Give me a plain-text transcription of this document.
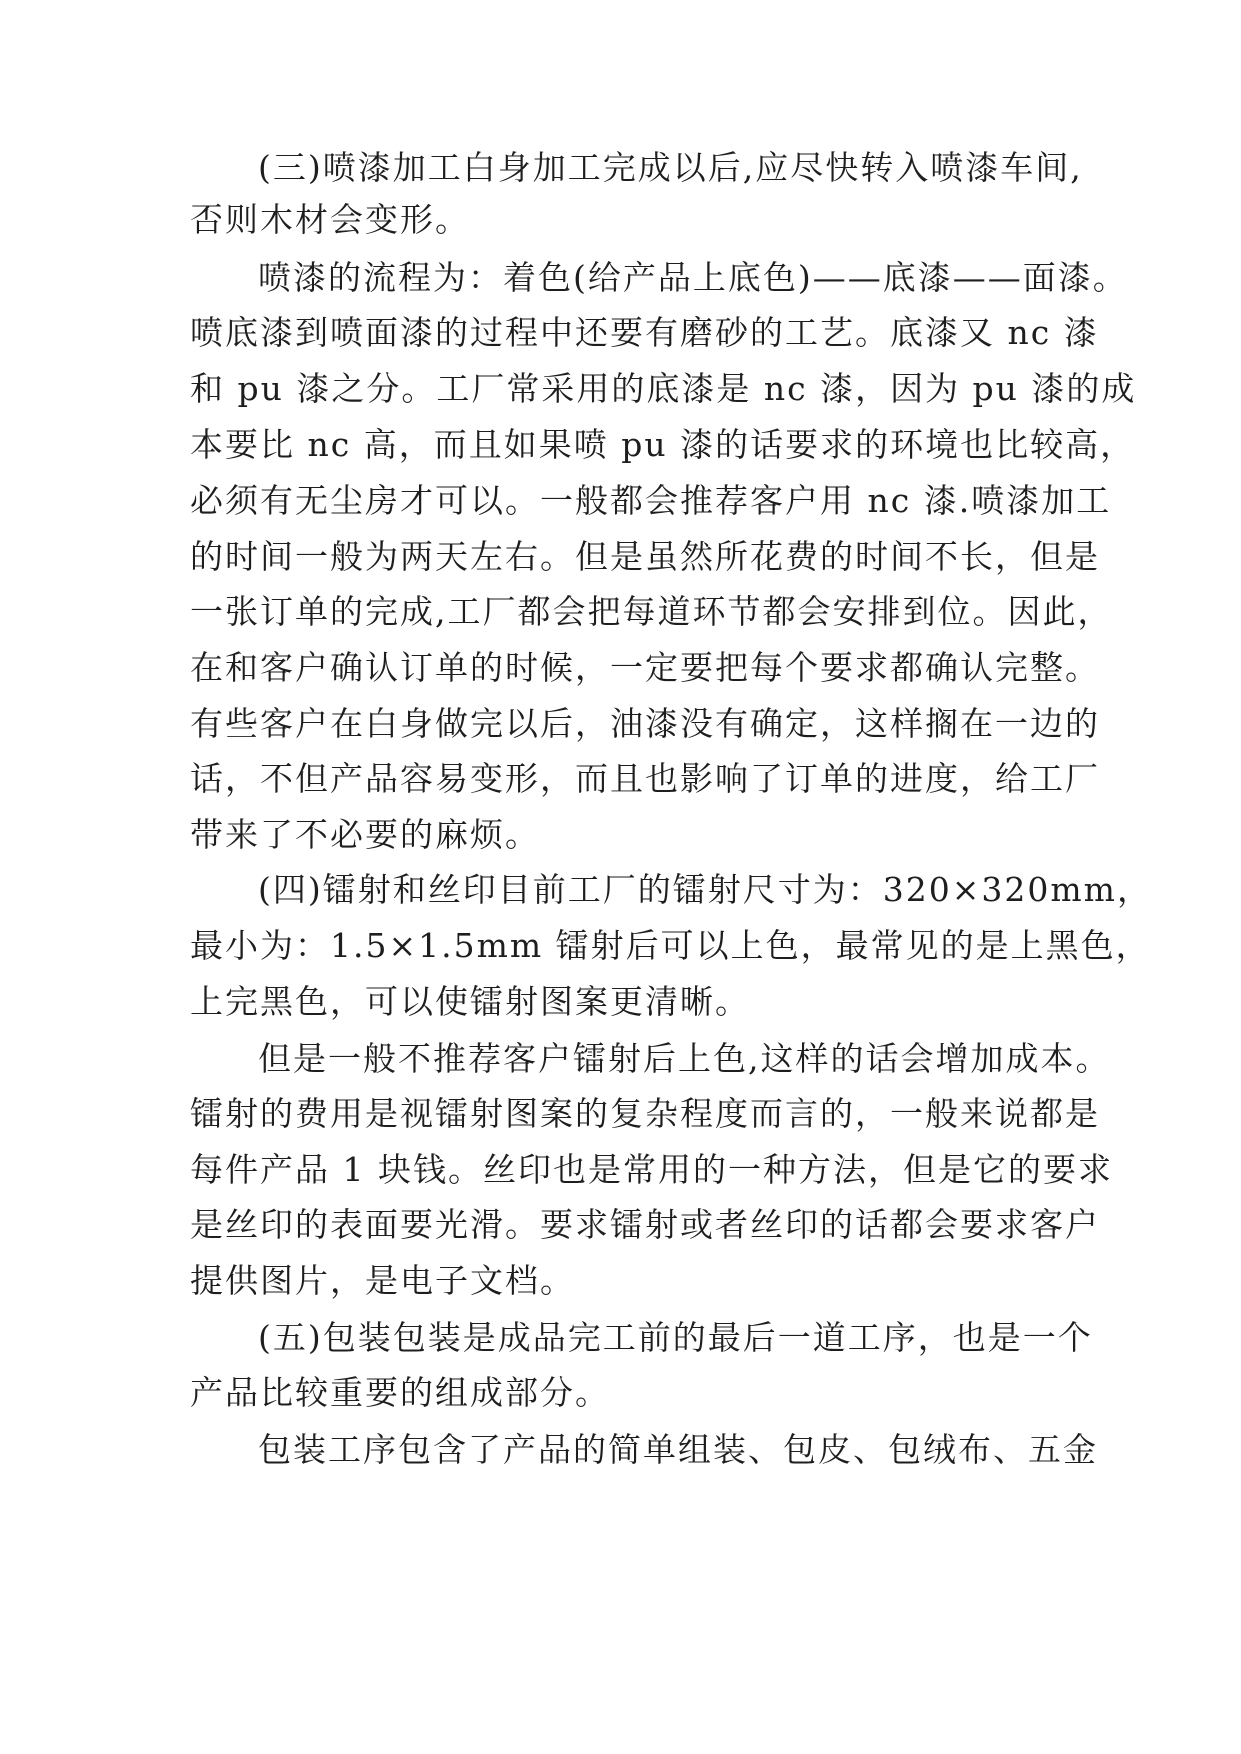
(三)喷漆加工白身加工完成以后,应尽快转入喷漆车间,

否则木材会变形。

喷漆的流程为：着色(给产品上底色)——底漆——面漆。

喷底漆到喷面漆的过程中还要有磨砂的工艺。底漆又 nc 漆

和 pu 漆之分。工厂常采用的底漆是 nc 漆，因为 pu 漆的成

本要比 nc 高，而且如果喷 pu 漆的话要求的环境也比较高，

必须有无尘房才可以。一般都会推荐客户用 nc 漆.喷漆加工

的时间一般为两天左右。但是虽然所花费的时间不长，但是

一张订单的完成,工厂都会把每道环节都会安排到位。因此，

在和客户确认订单的时候，一定要把每个要求都确认完整。

有些客户在白身做完以后，油漆没有确定，这样搁在一边的

话，不但产品容易变形，而且也影响了订单的进度，给工厂

带来了不必要的麻烦。

(四)镭射和丝印目前工厂的镭射尺寸为：320×320mm，

最小为：1.5×1.5mm 镭射后可以上色，最常见的是上黑色，

上完黑色，可以使镭射图案更清晰。

但是一般不推荐客户镭射后上色,这样的话会增加成本。

镭射的费用是视镭射图案的复杂程度而言的，一般来说都是

每件产品 1 块钱。丝印也是常用的一种方法，但是它的要求

是丝印的表面要光滑。要求镭射或者丝印的话都会要求客户

提供图片，是电子文档。

(五)包装包装是成品完工前的最后一道工序，也是一个

产品比较重要的组成部分。

包装工序包含了产品的简单组装、包皮、包绒布、五金
